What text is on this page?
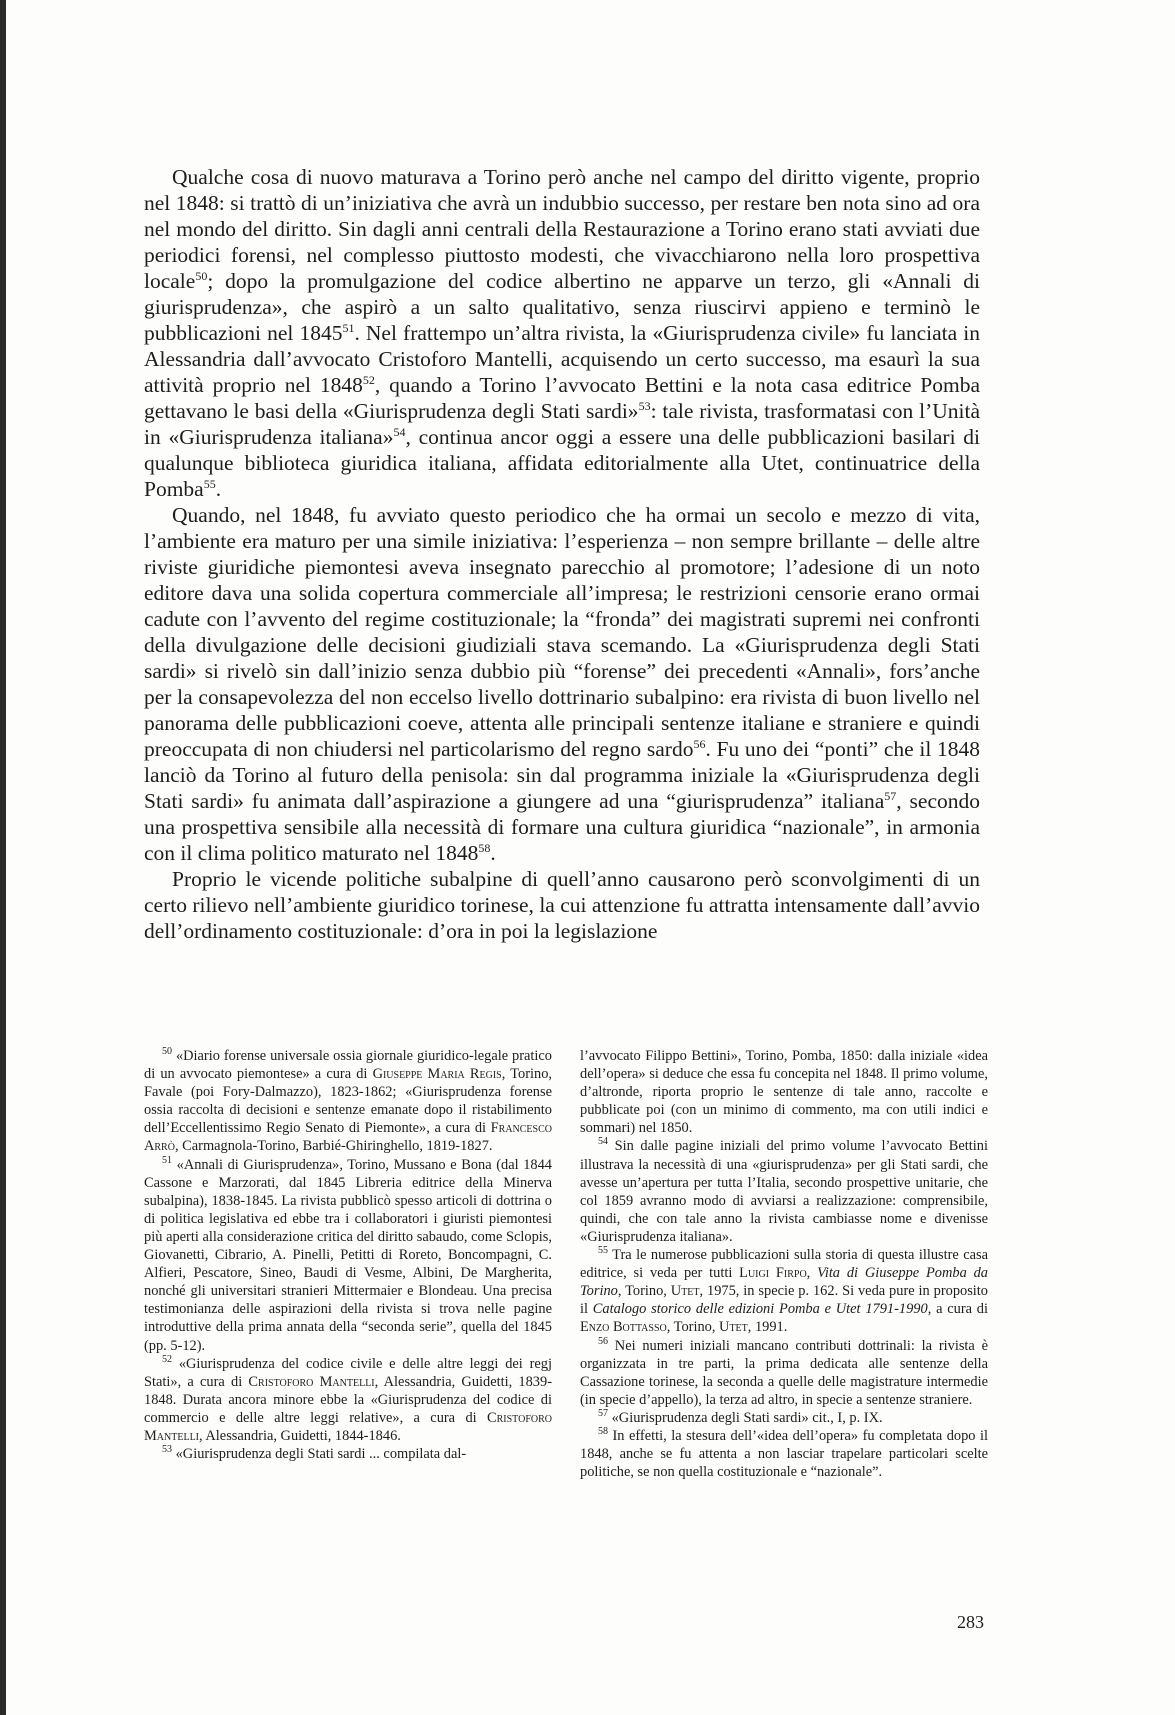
Qualche cosa di nuovo maturava a Torino però anche nel campo del diritto vigente, proprio nel 1848: si trattò di un’iniziativa che avrà un indubbio successo, per restare ben nota sino ad ora nel mondo del diritto. Sin dagli anni centrali della Restaurazione a Torino erano stati avviati due periodici forensi, nel complesso piuttosto modesti, che vivacchiarono nella loro prospettiva locale$^{50}$; dopo la promulgazione del codice albertino ne apparve un terzo, gli «Annali di giurisprudenza», che aspirò a un salto qualitativo, senza riuscirvi appieno e terminò le pubblicazioni nel 1845$^{51}$. Nel frattempo un’altra rivista, la «Giurisprudenza civile» fu lanciata in Alessandria dall’avvocato Cristoforo Mantelli, acquisendo un certo successo, ma esaurì la sua attività proprio nel 1848$^{52}$, quando a Torino l’avvocato Bettini e la nota casa editrice Pomba gettavano le basi della «Giurisprudenza degli Stati sardi»$^{53}$: tale rivista, trasformatasi con l’Unità in «Giurisprudenza italiana»$^{54}$, continua ancor oggi a essere una delle pubblicazioni basilari di qualunque biblioteca giuridica italiana, affidata editorialmente alla Utet, continuatrice della Pomba$^{55}$.

Quando, nel 1848, fu avviato questo periodico che ha ormai un secolo e mezzo di vita, l’ambiente era maturo per una simile iniziativa: l’esperienza – non sempre brillante – delle altre riviste giuridiche piemontesi aveva insegnato parecchio al promotore; l’adesione di un noto editore dava una solida copertura commerciale all’impresa; le restrizioni censorie erano ormai cadute con l’avvento del regime costituzionale; la “fronda” dei magistrati supremi nei confronti della divulgazione delle decisioni giudiziali stava scemando. La «Giurisprudenza degli Stati sardi» si rivelò sin dall’inizio senza dubbio più “forense” dei precedenti «Annali», fors’anche per la consapevolezza del non eccelso livello dottrinario subalpino: era rivista di buon livello nel panorama delle pubblicazioni coeve, attenta alle principali sentenze italiane e straniere e quindi preoccupata di non chiudersi nel particolarismo del regno sardo$^{56}$. Fu uno dei “ponti” che il 1848 lanciò da Torino al futuro della penisola: sin dal programma iniziale la «Giurisprudenza degli Stati sardi» fu animata dall’aspirazione a giungere ad una “giurisprudenza” italiana$^{57}$, secondo una prospettiva sensibile alla necessità di formare una cultura giuridica “nazionale”, in armonia con il clima politico maturato nel 1848$^{58}$.

Proprio le vicende politiche subalpine di quell’anno causarono però sconvolgimenti di un certo rilievo nell’ambiente giuridico torinese, la cui attenzione fu attratta intensamente dall’avvio dell’ordinamento costituzionale: d’ora in poi la legislazione

$^{50}$ «Diario forense universale ossia giornale giuridico-legale pratico di un avvocato piemontese» a cura di Giuseppe Maria Regis, Torino, Favale (poi Fory-Dalmazzo), 1823-1862; «Giurisprudenza forense ossia raccolta di decisioni e sentenze emanate dopo il ristabilimento dell’Eccellentissimo Regio Senato di Piemonte», a cura di Francesco Arrò, Carmagnola-Torino, Barbié-Ghiringhello, 1819-1827.

$^{51}$ «Annali di Giurisprudenza», Torino, Mussano e Bona (dal 1844 Cassone e Marzorati, dal 1845 Libreria editrice della Minerva subalpina), 1838-1845. La rivista pubblicò spesso articoli di dottrina o di politica legislativa ed ebbe tra i collaboratori i giuristi piemontesi più aperti alla considerazione critica del diritto sabaudo, come Sclopis, Giovanetti, Cibrario, A. Pinelli, Petitti di Roreto, Boncompagni, C. Alfieri, Pescatore, Sineo, Baudi di Vesme, Albini, De Margherita, nonché gli universitari stranieri Mittermaier e Blondeau. Una precisa testimonianza delle aspirazioni della rivista si trova nelle pagine introduttive della prima annata della “seconda serie”, quella del 1845 (pp. 5-12).

$^{52}$ «Giurisprudenza del codice civile e delle altre leggi dei regj Stati», a cura di Cristoforo Mantelli, Alessandria, Guidetti, 1839-1848. Durata ancora minore ebbe la «Giurisprudenza del codice di commercio e delle altre leggi relative», a cura di Cristoforo Mantelli, Alessandria, Guidetti, 1844-1846.

$^{53}$ «Giurisprudenza degli Stati sardi ... compilata dal-

l’avvocato Filippo Bettini», Torino, Pomba, 1850: dalla iniziale «idea dell’opera» si deduce che essa fu concepita nel 1848. Il primo volume, d’altronde, riporta proprio le sentenze di tale anno, raccolte e pubblicate poi (con un minimo di commento, ma con utili indici e sommari) nel 1850.

$^{54}$ Sin dalle pagine iniziali del primo volume l’avvocato Bettini illustrava la necessità di una «giurisprudenza» per gli Stati sardi, che avesse un’apertura per tutta l’Italia, secondo prospettive unitarie, che col 1859 avranno modo di avviarsi a realizzazione: comprensibile, quindi, che con tale anno la rivista cambiasse nome e divenisse «Giurisprudenza italiana».

$^{55}$ Tra le numerose pubblicazioni sulla storia di questa illustre casa editrice, si veda per tutti Luigi Firpo, Vita di Giuseppe Pomba da Torino, Torino, Utet, 1975, in specie p. 162. Si veda pure in proposito il Catalogo storico delle edizioni Pomba e Utet 1791-1990, a cura di Enzo Bottasso, Torino, Utet, 1991.

$^{56}$ Nei numeri iniziali mancano contributi dottrinali: la rivista è organizzata in tre parti, la prima dedicata alle sentenze della Cassazione torinese, la seconda a quelle delle magistrature intermedie (in specie d’appello), la terza ad altro, in specie a sentenze straniere.

$^{57}$ «Giurisprudenza degli Stati sardi» cit., I, p. IX.

$^{58}$ In effetti, la stesura dell’«idea dell’opera» fu completata dopo il 1848, anche se fu attenta a non lasciar trapelare particolari scelte politiche, se non quella costituzionale e “nazionale”.

283
